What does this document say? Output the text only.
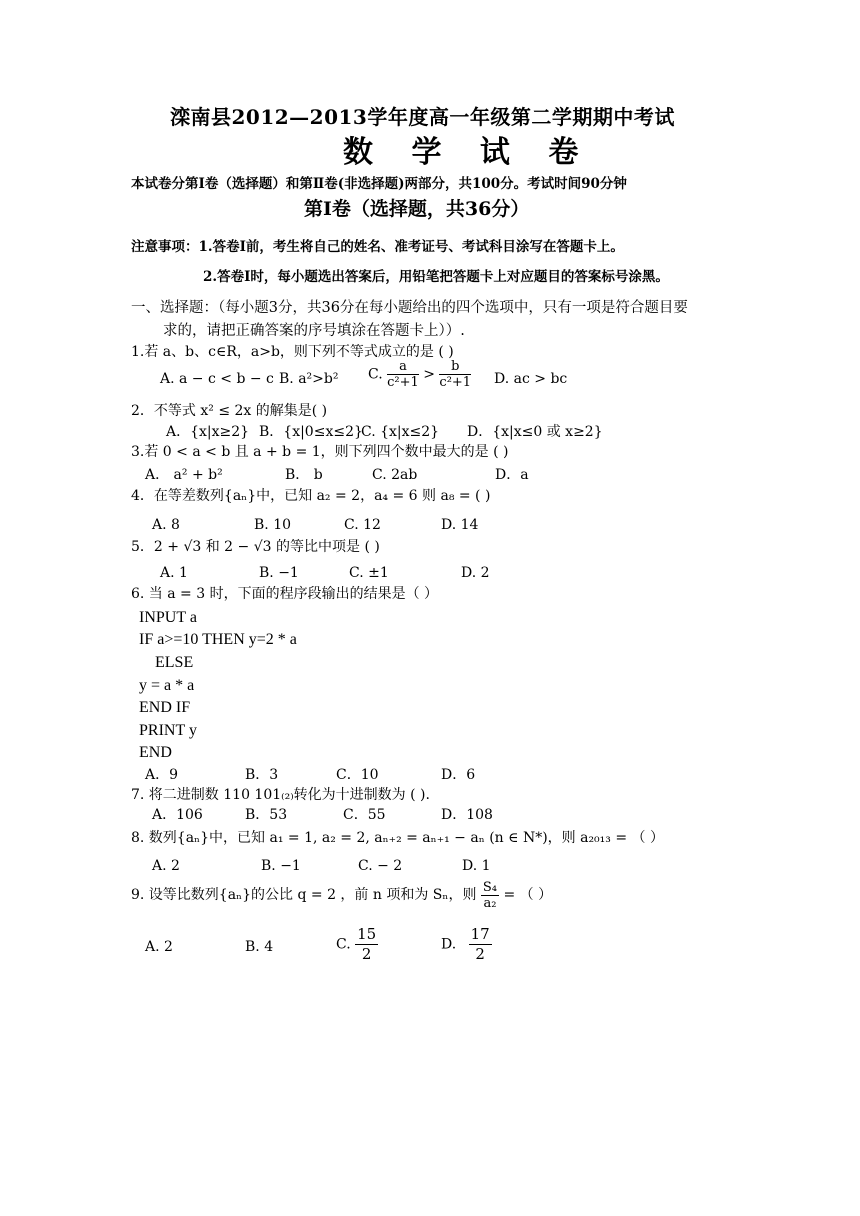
滦南县2012—2013学年度高一年级第二学期期中考试
数 学 试 卷
本试卷分第Ⅰ卷（选择题）和第Ⅱ卷(非选择题)两部分，共100分。考试时间90分钟
第Ⅰ卷（选择题，共36分）
注意事项：1.答卷Ⅰ前，考生将自己的姓名、准考证号、考试科目涂写在答题卡上。
2.答卷Ⅰ时，每小题选出答案后，用铅笔把答题卡上对应题目的答案标号涂黑。
一、选择题：（每小题3分，共36分在每小题给出的四个选项中，只有一项是符合题目要
求的，请把正确答案的序号填涂在答题卡上））.
1.若 a、b、c∈R，a>b，则下列不等式成立的是 ( )
A. a − c < b − c B. a²>b² C. $\frac{a}{\text{c²+1}} > \frac{b}{\text{c²+1}} D$. ac > bc
2．不等式 x² ≤ 2x 的解集是( )
A．{x|x≥2} B．{x|0≤x≤2}
C. {x|x≤2} D．{x|x≤0 或 x≥2}
3.若 0 < a < b 且 a + b = 1，则下列四个数中最大的是 ( )
A． a² + b²	B． b	C. 2ab	D．a
4．在等差数列{aₙ}中，已知 a₂ = 2，a₄ = 6 则 a₈ = ( )
A. 8	B. 10	C. 12	D. 14
5．2 + √3 和 2 − √3 的等比中项是 ( )
A. 1	B. −1	C. ±1	D. 2
6. 当 a = 3 时，下面的程序段输出的结果是（ ）
INPUT a
IF a>=10 THEN y=2 * a
ELSE
y = a * a
END IF
PRINT y
END
A．9	B．3	C．10	D．6
7. 将二进制数 110 101₍₂₎转化为十进制数为 ( ).
A．106	B．53	C．55	D．108
8. 数列{aₙ}中，已知 a₁ = 1, a₂ = 2, aₙ₊₂ = aₙ₊₁ − aₙ (n ∈ N*)，则 a₂₀₁₃ = （ ）
A. 2	B. −1	C. − 2	D. 1
9. 设等比数列{aₙ}的公比 q = 2 ，前 n 项和为 Sₙ，则 $\frac{\text{S₄}}{\text{a₂}}$ = （ ）
A. 2	B. 4	C. $\frac{15}{2}$	D. $\frac{17}{2}$
